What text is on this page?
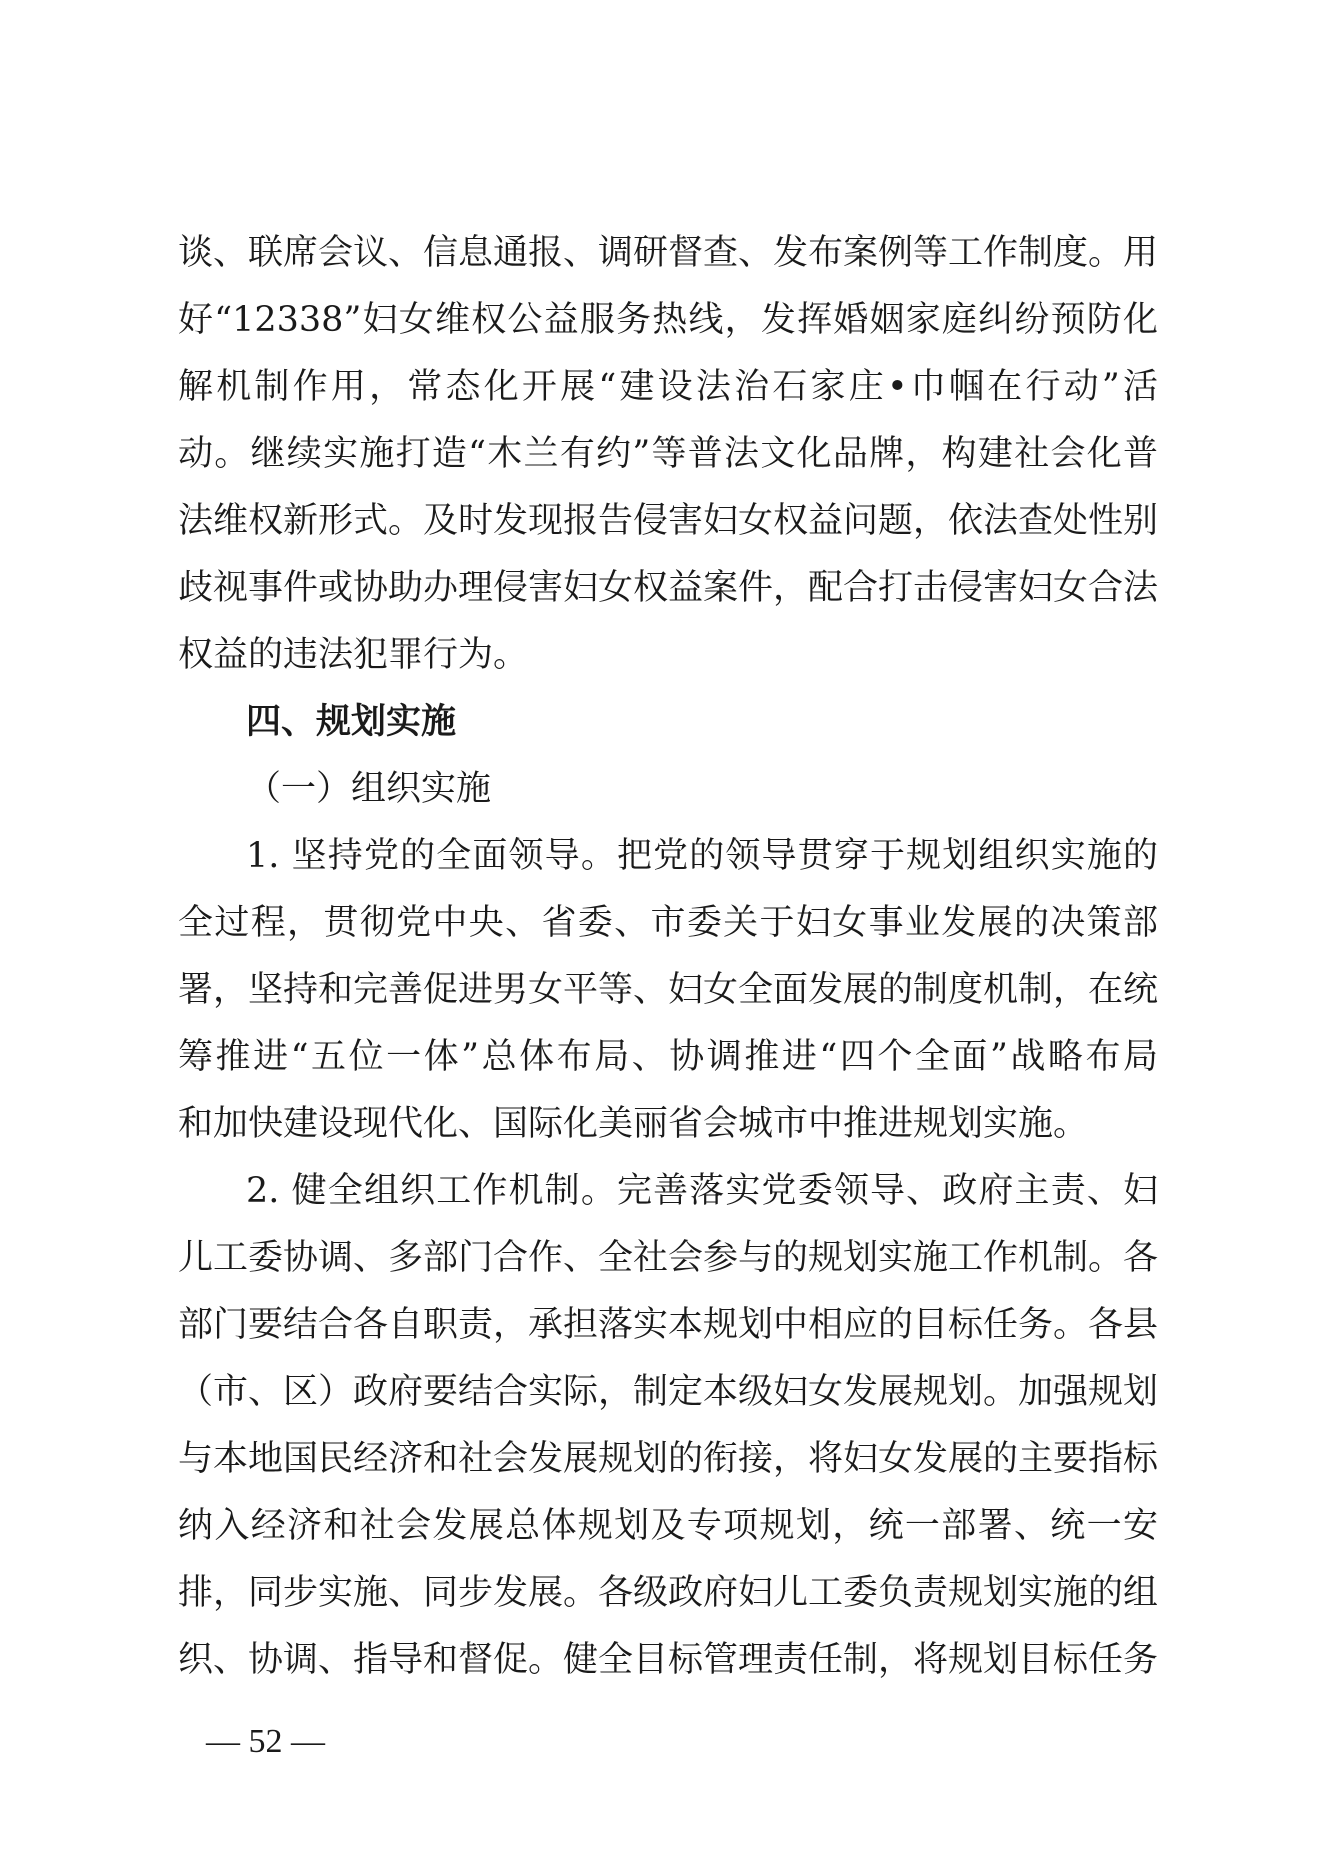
谈、联席会议、信息通报、调研督查、发布案例等工作制度。用
好“12338”妇女维权公益服务热线，发挥婚姻家庭纠纷预防化
解机制作用，常态化开展“建设法治石家庄•巾帼在行动”活
动。继续实施打造“木兰有约”等普法文化品牌，构建社会化普
法维权新形式。及时发现报告侵害妇女权益问题，依法查处性别
歧视事件或协助办理侵害妇女权益案件，配合打击侵害妇女合法
权益的违法犯罪行为。
四、规划实施
（一）组织实施
1. 坚持党的全面领导。把党的领导贯穿于规划组织实施的
全过程，贯彻党中央、省委、市委关于妇女事业发展的决策部
署，坚持和完善促进男女平等、妇女全面发展的制度机制，在统
筹推进“五位一体”总体布局、协调推进“四个全面”战略布局
和加快建设现代化、国际化美丽省会城市中推进规划实施。
2. 健全组织工作机制。完善落实党委领导、政府主责、妇
儿工委协调、多部门合作、全社会参与的规划实施工作机制。各
部门要结合各自职责，承担落实本规划中相应的目标任务。各县
（市、区）政府要结合实际，制定本级妇女发展规划。加强规划
与本地国民经济和社会发展规划的衔接，将妇女发展的主要指标
纳入经济和社会发展总体规划及专项规划，统一部署、统一安
排，同步实施、同步发展。各级政府妇儿工委负责规划实施的组
织、协调、指导和督促。健全目标管理责任制，将规划目标任务
— 52 —
